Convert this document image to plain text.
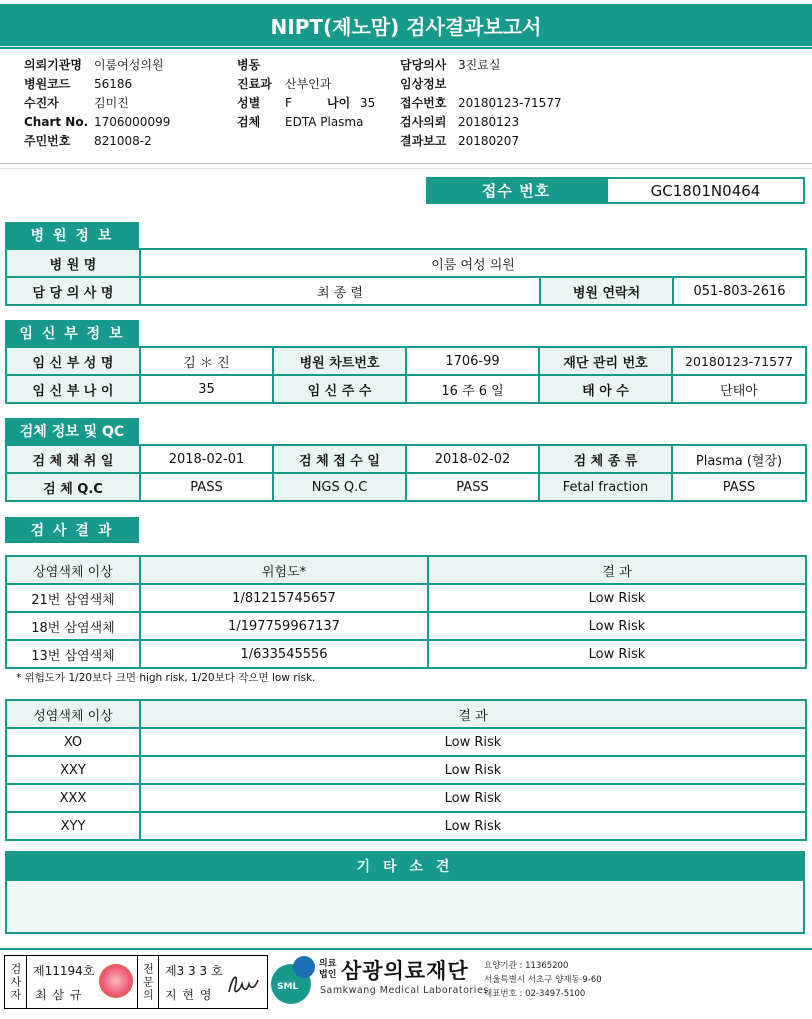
NIPT(제노맘) 검사결과보고서
의뢰기관명 이룸여성의원
병원코드 56186
수진자	김미진
Chart No. 1706000099
주민번호 821008-2
병동
진료과 산부인과
성별 F	나이 35
검체 EDTA Plasma
담당의사 3진료실
임상정보
접수번호 20180123-71577
검사의뢰 20180123
결과보고 20180207
접수 번호	GC1801N0464
병 원 정 보
병 원 명	이룸 여성 의원		
담 당 의 사 명	최 종 렬	병원 연락처	051-803-2616
임 신 부 정 보
임 신 부 성 명	김 ＊ 진	병원 차트번호	1706-99	재단 관리 번호	20180123-71577
임 신 부 나 이	35	임 신 주 수	16 주 6 일	태 아 수	단태아
검체 정보 및 QC
검 체 채 취 일	2018-02-01	검 체 접 수 일	2018-02-02	검 체 종 류	Plasma (혈장)
검 체 Q.C	PASS	NGS Q.C	PASS	Fetal fraction	PASS
검 사 결 과
상염색체 이상	위험도*	결 과
21번 삼염색체	1/81215745657	Low Risk
18번 삼염색체	1/197759967137	Low Risk
13번 삼염색체	1/633545556	Low Risk
* 위험도가 1/20보다 크면 high risk, 1/20보다 작으면 low risk.
성염색체 이상	결 과
XO	Low Risk
XXY	Low Risk
XXX	Low Risk
XYY	Low Risk
기 타 소 견
검사자 제11194호
최 삼 규	전문의 제3 3 3 호
지 현 영
SML
의료법인 삼광의료재단
Samkwang Medical Laboratories
요양기관 : 11365200
서울특별시 서초구 양재동 9-60
대표번호 : 02-3497-5100
